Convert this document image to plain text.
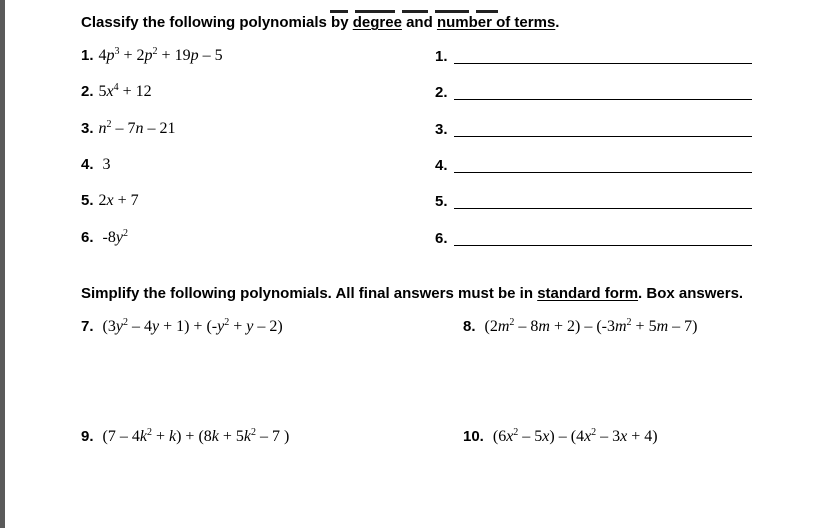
Classify the following polynomials by degree and number of terms.
1. $4p^3 + 2p^2 + 19p - 5$
2. $5x^4 + 12$
3. $n^2 - 7n - 21$
4. 3
5. 2x + 7
6. $-8y^2$
1.
2.
3.
4.
5.
6.
Simplify the following polynomials. All final answers must be in standard form. Box answers.
7. $(3y^2 - 4y + 1) + (-y^2 + y - 2)$	8. $(2m^2 - 8m + 2) - (-3m^2 + 5m - 7)$
9. $(7 - 4k^2 + k) + (8k + 5k^2 - 7$ )	10. $(6x^2 - 5x) - (4x^2 - 3x + 4)$
